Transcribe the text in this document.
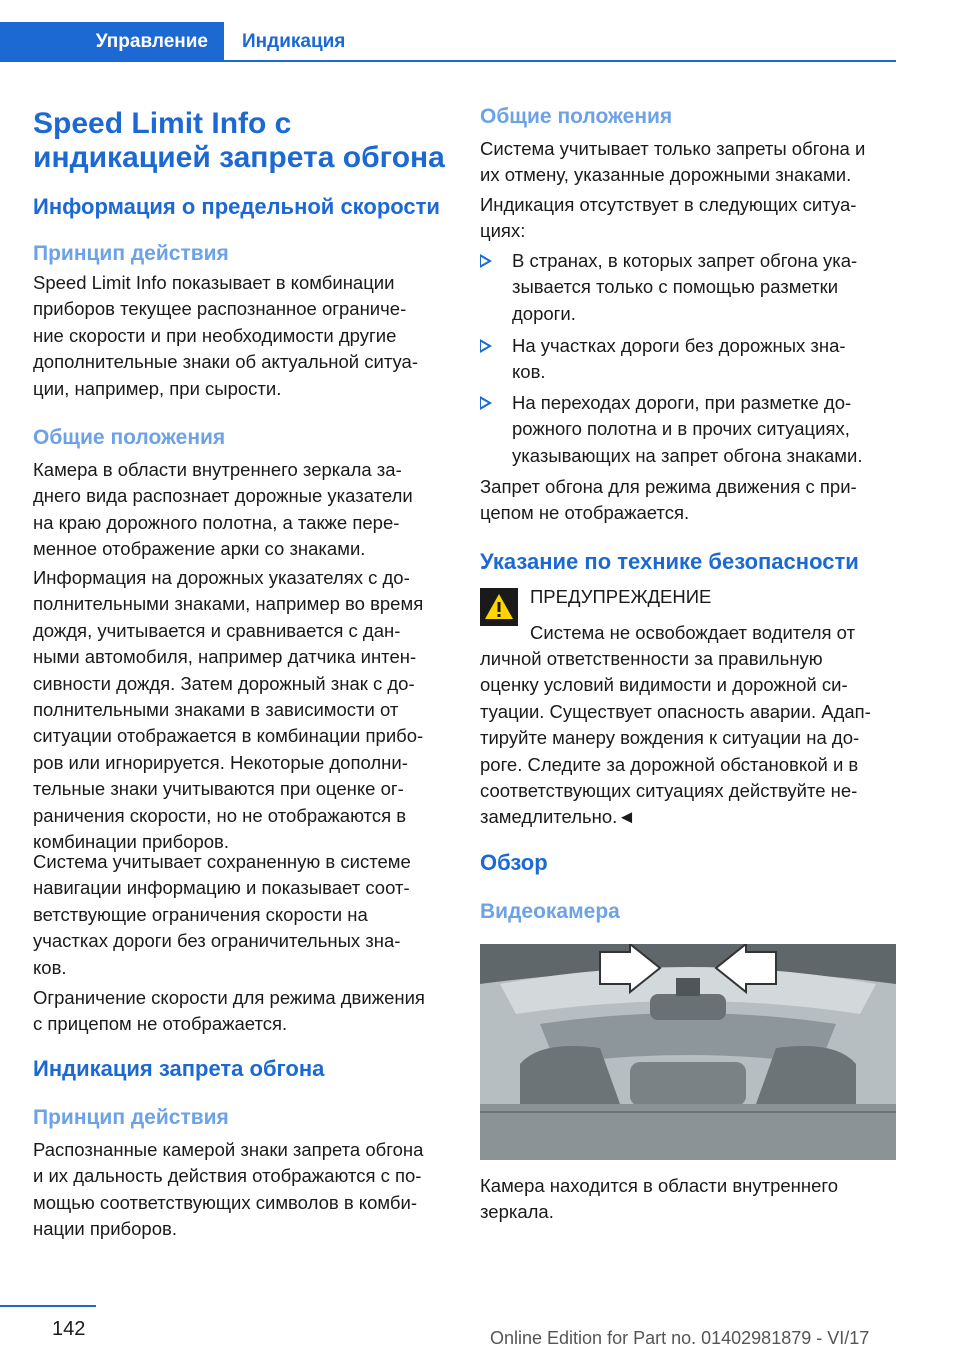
Управление Индикация
Speed Limit Info с
индикацией запрета обгона
Информация о предельной скорости
Принцип действия
Speed Limit Info показывает в комбинации
приборов текущее распознанное ограниче-
ние скорости и при необходимости другие
дополнительные знаки об актуальной ситуа-
ции, например, при сырости.
Общие положения
Камера в области внутреннего зеркала за-
днего вида распознает дорожные указатели
на краю дорожного полотна, а также пере-
менное отображение арки со знаками.
Информация на дорожных указателях с до-
полнительными знаками, например во время
дождя, учитывается и сравнивается с дан-
ными автомобиля, например датчика интен-
сивности дождя. Затем дорожный знак с до-
полнительными знаками в зависимости от
ситуации отображается в комбинации прибо-
ров или игнорируется. Некоторые дополни-
тельные знаки учитываются при оценке ог-
раничения скорости, но не отображаются в
комбинации приборов.
Система учитывает сохраненную в системе
навигации информацию и показывает соот-
ветствующие ограничения скорости на
участках дороги без ограничительных зна-
ков.
Ограничение скорости для режима движения
с прицепом не отображается.
Индикация запрета обгона
Принцип действия
Распознанные камерой знаки запрета обгона
и их дальность действия отображаются с по-
мощью соответствующих символов в комби-
нации приборов.
Общие положения
Система учитывает только запреты обгона и
их отмену, указанные дорожными знаками.
Индикация отсутствует в следующих ситуа-
циях:
В странах, в которых запрет обгона ука-
зывается только с помощью разметки
дороги.
На участках дороги без дорожных зна-
ков.
На переходах дороги, при разметке до-
рожного полотна и в прочих ситуациях,
указывающих на запрет обгона знаками.
Запрет обгона для режима движения с при-
цепом не отображается.
Указание по технике безопасности
ПРЕДУПРЕЖДЕНИЕ
Система не освобождает водителя от
личной ответственности за правильную
оценку условий видимости и дорожной си-
туации. Существует опасность аварии. Адап-
тируйте манеру вождения к ситуации на до-
роге. Следите за дорожной обстановкой и в
соответствующих ситуациях действуйте не-
замедлительно.◄
Обзор
Видеокамера
Камера находится в области внутреннего
зеркала.
142	Online Edition for Part no. 01402981879 - VI/17
